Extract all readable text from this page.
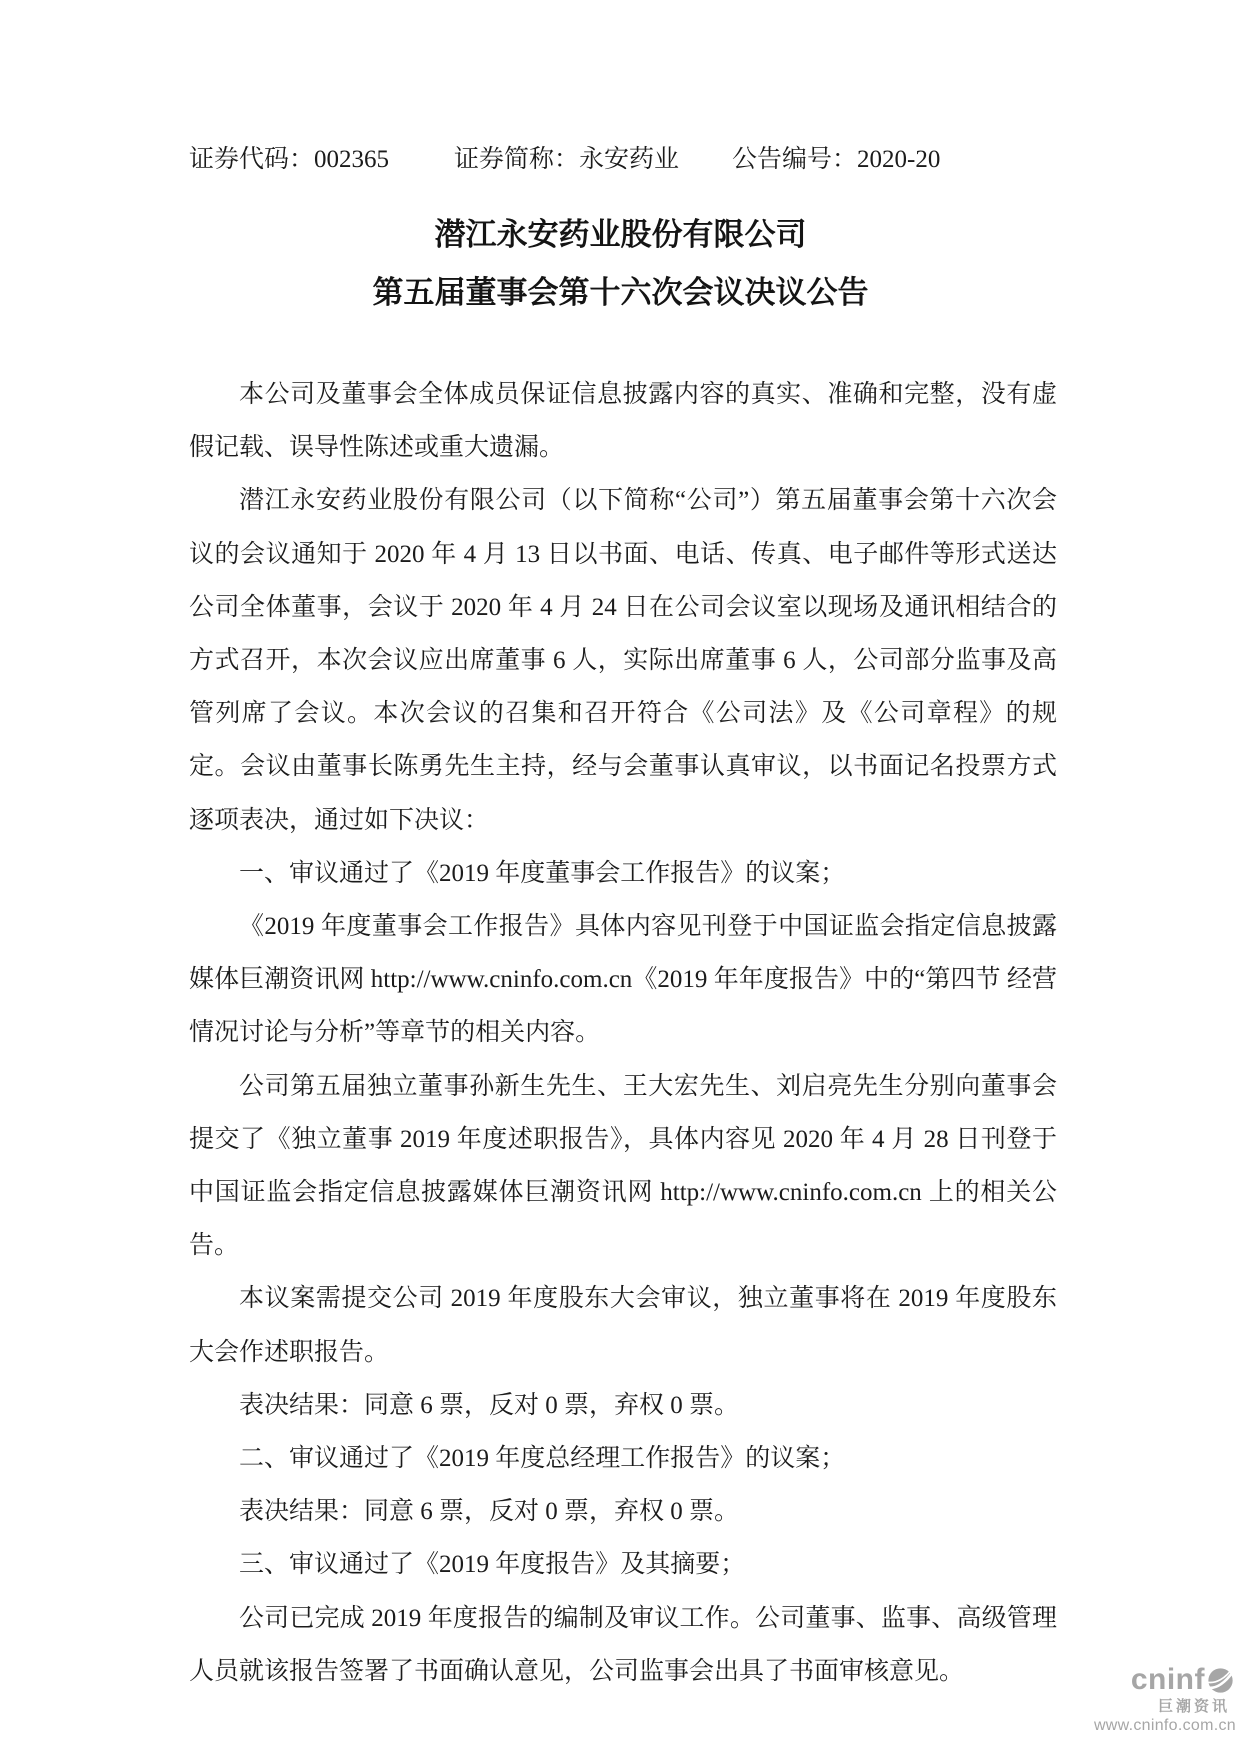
证券代码：002365	证券简称：永安药业 公告编号：2020-20
潜江永安药业股份有限公司
第五届董事会第十六次会议决议公告

本公司及董事会全体成员保证信息披露内容的真实、准确和完整，没有虚假记载、误导性陈述或重大遗漏。

潜江永安药业股份有限公司（以下简称“公司”）第五届董事会第十六次会议的会议通知于 2020 年 4 月 13 日以书面、电话、传真、电子邮件等形式送达公司全体董事，会议于 2020 年 4 月 24 日在公司会议室以现场及通讯相结合的方式召开，本次会议应出席董事 6 人，实际出席董事 6 人，公司部分监事及高管列席了会议。本次会议的召集和召开符合《公司法》及《公司章程》的规定。会议由董事长陈勇先生主持，经与会董事认真审议，以书面记名投票方式逐项表决，通过如下决议：

一、审议通过了《2019 年度董事会工作报告》的议案；

《2019 年度董事会工作报告》具体内容见刊登于中国证监会指定信息披露媒体巨潮资讯网 http://www.cninfo.com.cn《2019 年年度报告》中的“第四节 经营情况讨论与分析”等章节的相关内容。

公司第五届独立董事孙新生先生、王大宏先生、刘启亮先生分别向董事会提交了《独立董事 2019 年度述职报告》，具体内容见 2020 年 4 月 28 日刊登于中国证监会指定信息披露媒体巨潮资讯网 http://www.cninfo.com.cn 上的相关公告。

本议案需提交公司 2019 年度股东大会审议，独立董事将在 2019 年度股东大会作述职报告。

表决结果：同意 6 票，反对 0 票，弃权 0 票。

二、审议通过了《2019 年度总经理工作报告》的议案；

表决结果：同意 6 票，反对 0 票，弃权 0 票。

三、审议通过了《2019 年度报告》及其摘要；

公司已完成 2019 年度报告的编制及审议工作。公司董事、监事、高级管理人员就该报告签署了书面确认意见，公司监事会出具了书面审核意见。	cninf
巨潮资讯
www.cninfo.com.cn
